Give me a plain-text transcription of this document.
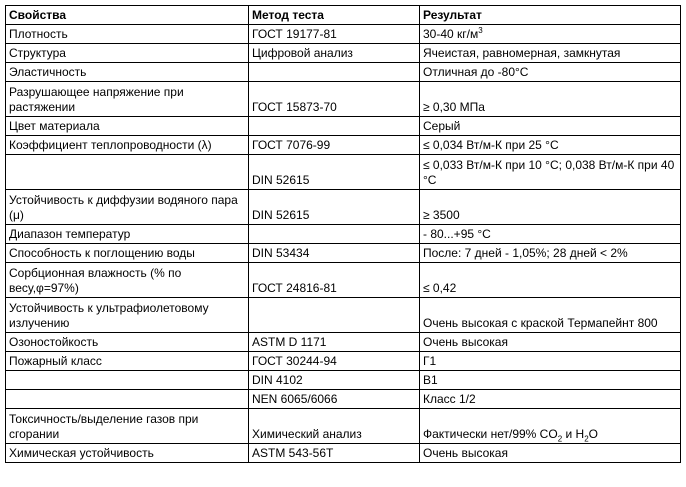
Свойства	Метод теста	Результат
Плотность	ГОСТ 19177-81	30-40 $кг/м^3$
Структура	Цифровой анализ	Ячеистая, равномерная, замкнутая
Эластичность		Отличная до -80°C
Разрушающее напряжение при растяжении	ГОСТ 15873-70	≥ 0,30 МПа
Цвет материала		Серый
Коэффициент теплопроводности (λ)	ГОСТ 7076-99	≤ 0,034 Вт/м-К при 25 °C
	DIN 52615	≤ 0,033 Вт/м-К при 10 °С; 0,038 Вт/м-К при 40 °С
Устойчивость к диффузии водяного пара (μ)	DIN 52615	≥ 3500
Диапазон температур		- 80...+95 °С
Способность к поглощению воды	DIN 53434	После: 7 дней - 1,05%; 28 дней < 2%
Сорбционная влажность (% по весу,φ=97%)	ГОСТ 24816-81	≤ 0,42
Устойчивость к ультрафиолетовому излучению		Очень высокая с краской Термапейнт 800
Озоностойкость	ASTM D 1171	Очень высокая
Пожарный класс	ГОСТ 30244-94	Г1
	DIN 4102	B1
	NEN 6065/6066	Класс 1/2
Токсичность/выделение газов при сгорании	Химический анализ	Фактически нет/99% $CO_2$ и $H_2O$
Химическая устойчивость	ASTM 543-56T	Очень высокая
